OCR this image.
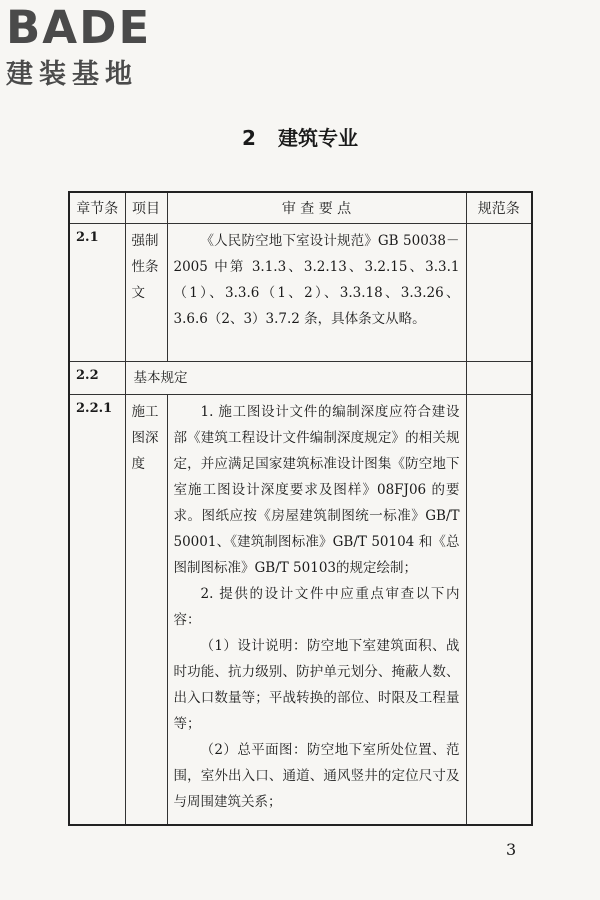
BADE
建装基地
2 建筑专业
章节条	项目	审 查 要 点	规范条
2.1	强制性条文	《人民防空地下室设计规范》GB 50038－2005 中第 3.1.3、3.2.13、3.2.15、3.3.1（1）、3.3.6（1、2）、3.3.18、3.3.26、3.6.6（2、3）3.7.2 条，具体条文从略。	

2.2	基本规定		
2.2.1	施工图深度	1. 施工图设计文件的编制深度应符合建设部《建筑工程设计文件编制深度规定》的相关规定，并应满足国家建筑标准设计图集《防空地下室施工图设计深度要求及图样》08FJ06 的要求。图纸应按《房屋建筑制图统一标准》GB/T 50001、《建筑制图标准》GB/T 50104 和《总图制图标准》GB/T 50103的规定绘制；

2. 提供的设计文件中应重点审查以下内容：

（1）设计说明：防空地下室建筑面积、战时功能、抗力级别、防护单元划分、掩蔽人数、出入口数量等；平战转换的部位、时限及工程量等；

（2）总平面图：防空地下室所处位置、范围，室外出入口、通道、通风竖井的定位尺寸及与周围建筑关系；	

3
